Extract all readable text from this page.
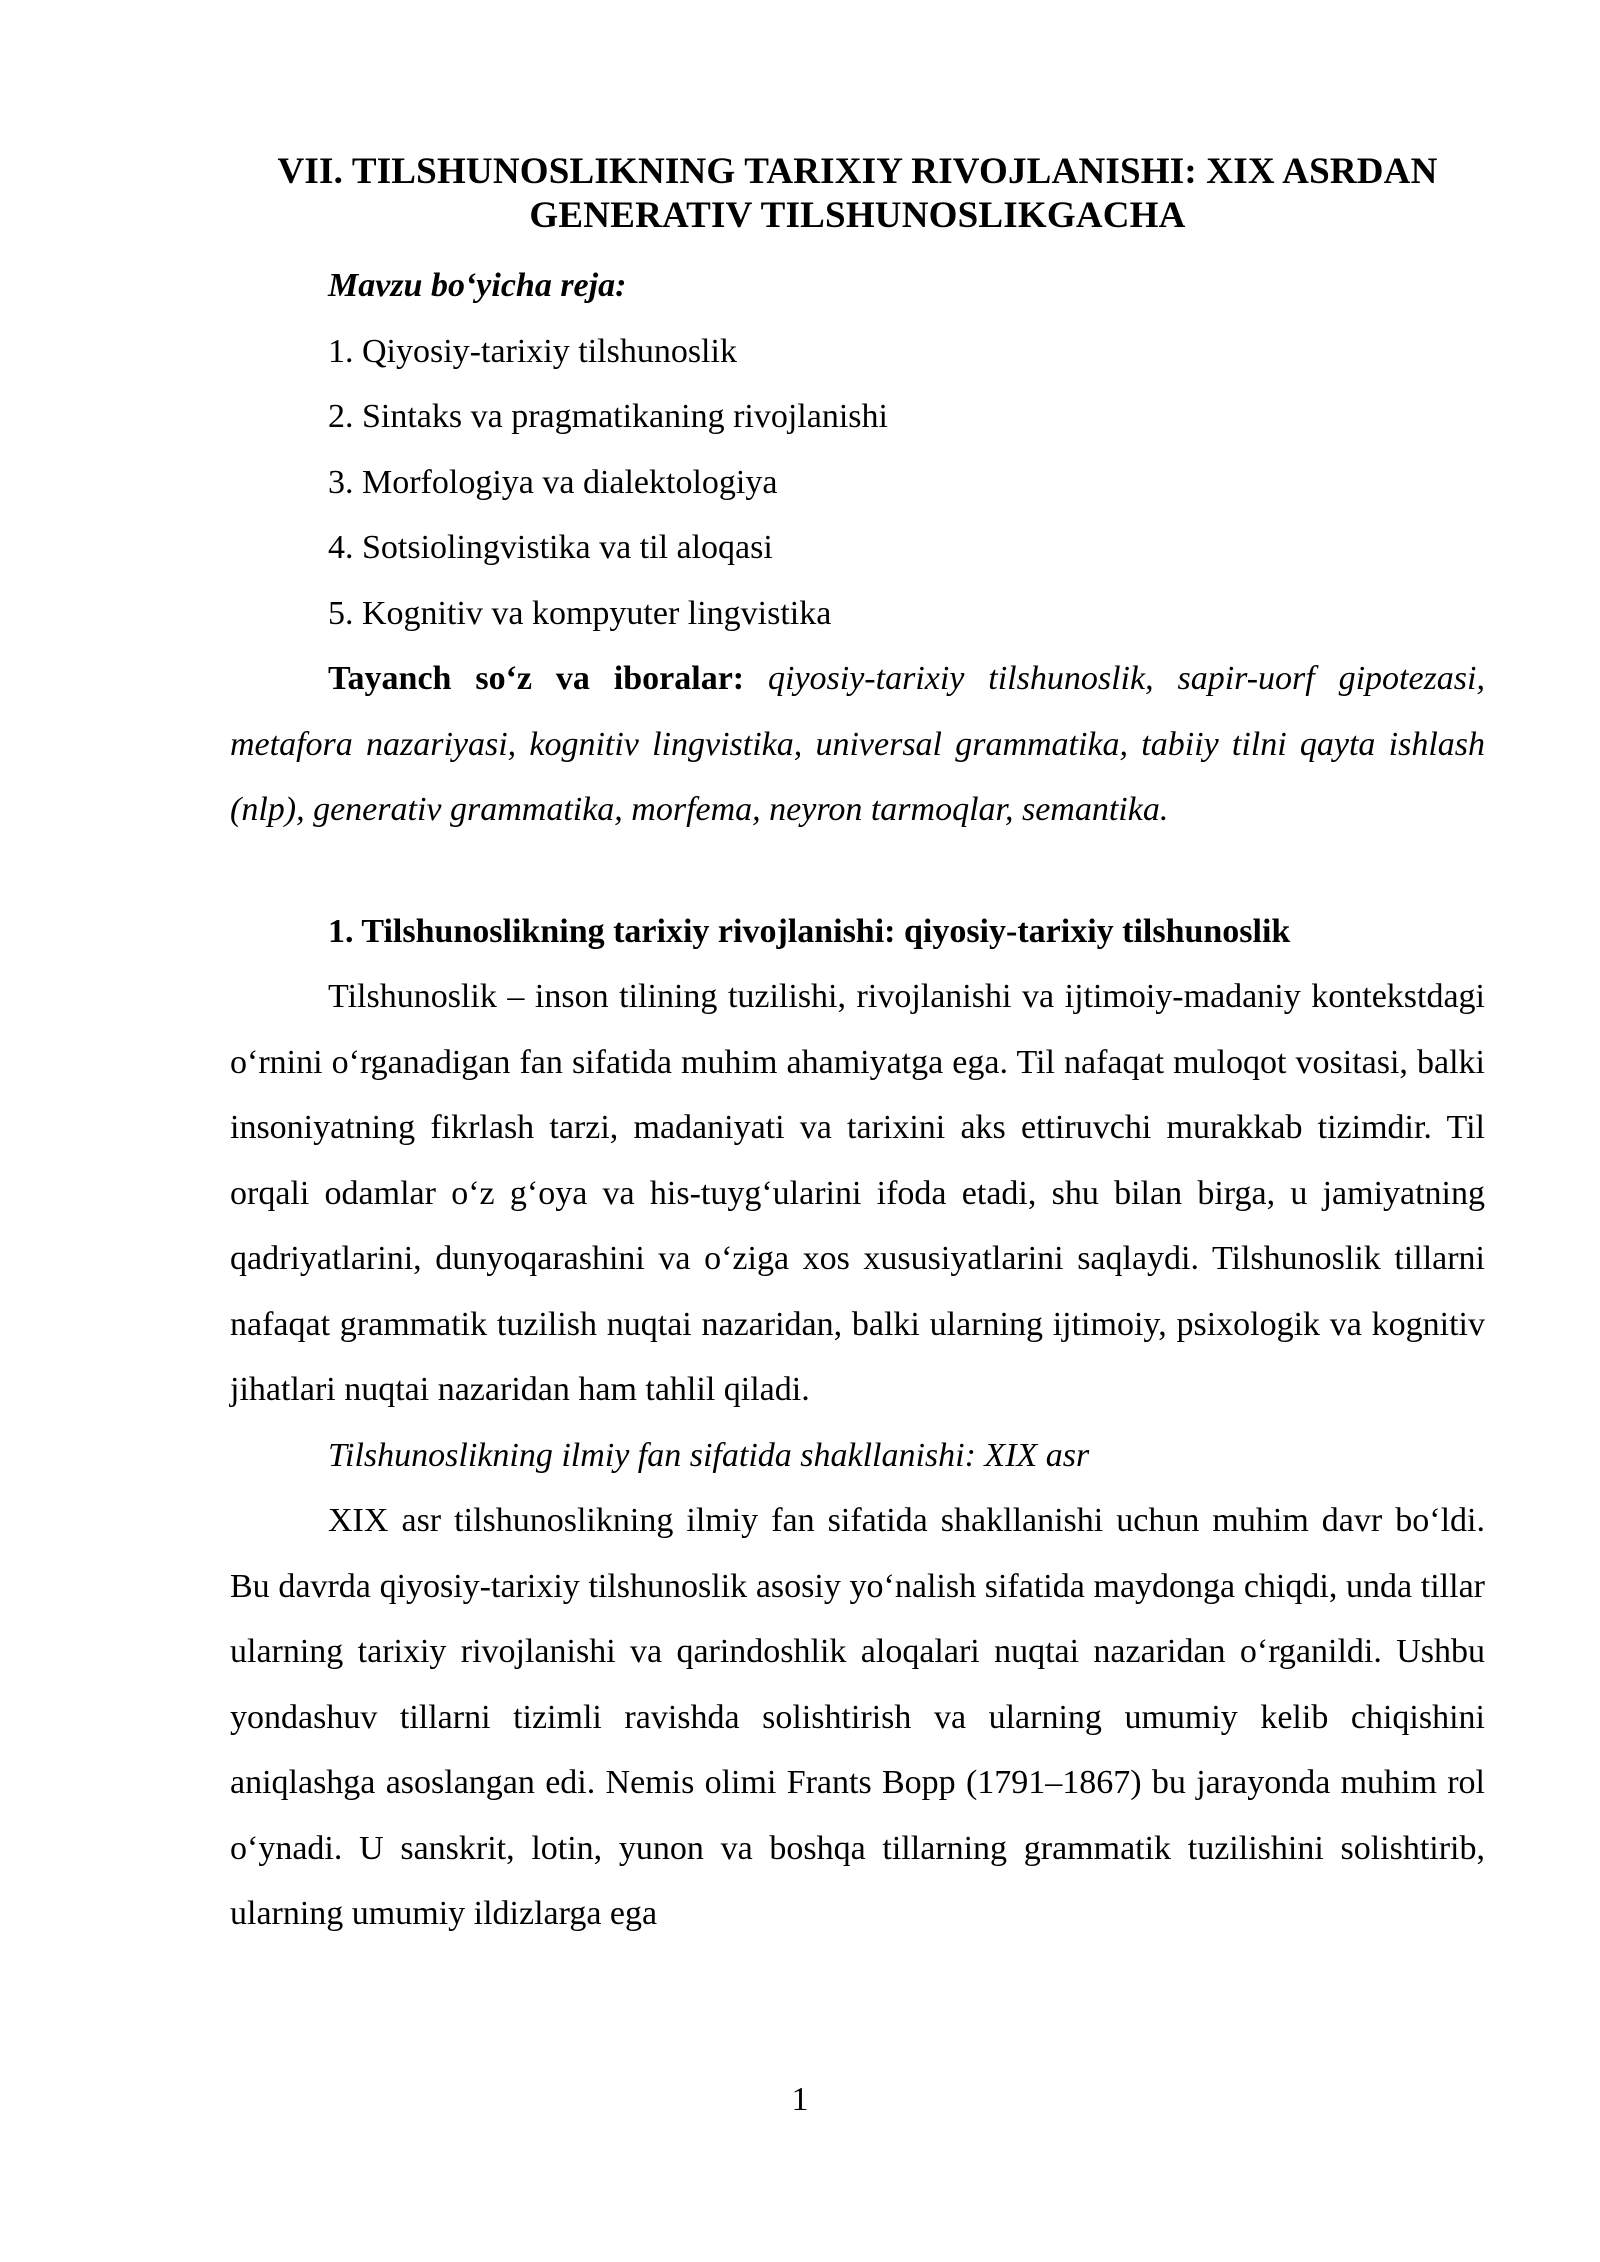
VII. TILSHUNOSLIKNING TARIXIY RIVOJLANISHI: XIX ASRDAN
GENERATIV TILSHUNOSLIKGACHA
Mavzu bo‘yicha reja:
1. Qiyosiy-tarixiy tilshunoslik
2. Sintaks va pragmatikaning rivojlanishi
3. Morfologiya va dialektologiya
4. Sotsiolingvistika va til aloqasi
5. Kognitiv va kompyuter lingvistika

Tayanch so‘z va iboralar: qiyosiy-tarixiy tilshunoslik, sapir-uorf gipotezasi, metafora nazariyasi, kognitiv lingvistika, universal grammatika, tabiiy tilni qayta ishlash (nlp), generativ grammatika, morfema, neyron tarmoqlar, semantika.

1. Tilshunoslikning tarixiy rivojlanishi: qiyosiy-tarixiy tilshunoslik

Tilshunoslik – inson tilining tuzilishi, rivojlanishi va ijtimoiy-madaniy kontekstdagi o‘rnini o‘rganadigan fan sifatida muhim ahamiyatga ega. Til nafaqat muloqot vositasi, balki insoniyatning fikrlash tarzi, madaniyati va tarixini aks ettiruvchi murakkab tizimdir. Til orqali odamlar o‘z g‘oya va his-tuyg‘ularini ifoda etadi, shu bilan birga, u jamiyatning qadriyatlarini, dunyoqarashini va o‘ziga xos xususiyatlarini saqlaydi. Tilshunoslik tillarni nafaqat grammatik tuzilish nuqtai nazaridan, balki ularning ijtimoiy, psixologik va kognitiv jihatlari nuqtai nazaridan ham tahlil qiladi.

Tilshunoslikning ilmiy fan sifatida shakllanishi: XIX asr

XIX asr tilshunoslikning ilmiy fan sifatida shakllanishi uchun muhim davr bo‘ldi. Bu davrda qiyosiy-tarixiy tilshunoslik asosiy yo‘nalish sifatida maydonga chiqdi, unda tillar ularning tarixiy rivojlanishi va qarindoshlik aloqalari nuqtai nazaridan o‘rganildi. Ushbu yondashuv tillarni tizimli ravishda solishtirish va ularning umumiy kelib chiqishini aniqlashga asoslangan edi. Nemis olimi Frants Bopp (1791–1867) bu jarayonda muhim rol o‘ynadi. U sanskrit, lotin, yunon va boshqa tillarning grammatik tuzilishini solishtirib, ularning umumiy ildizlarga ega

1
